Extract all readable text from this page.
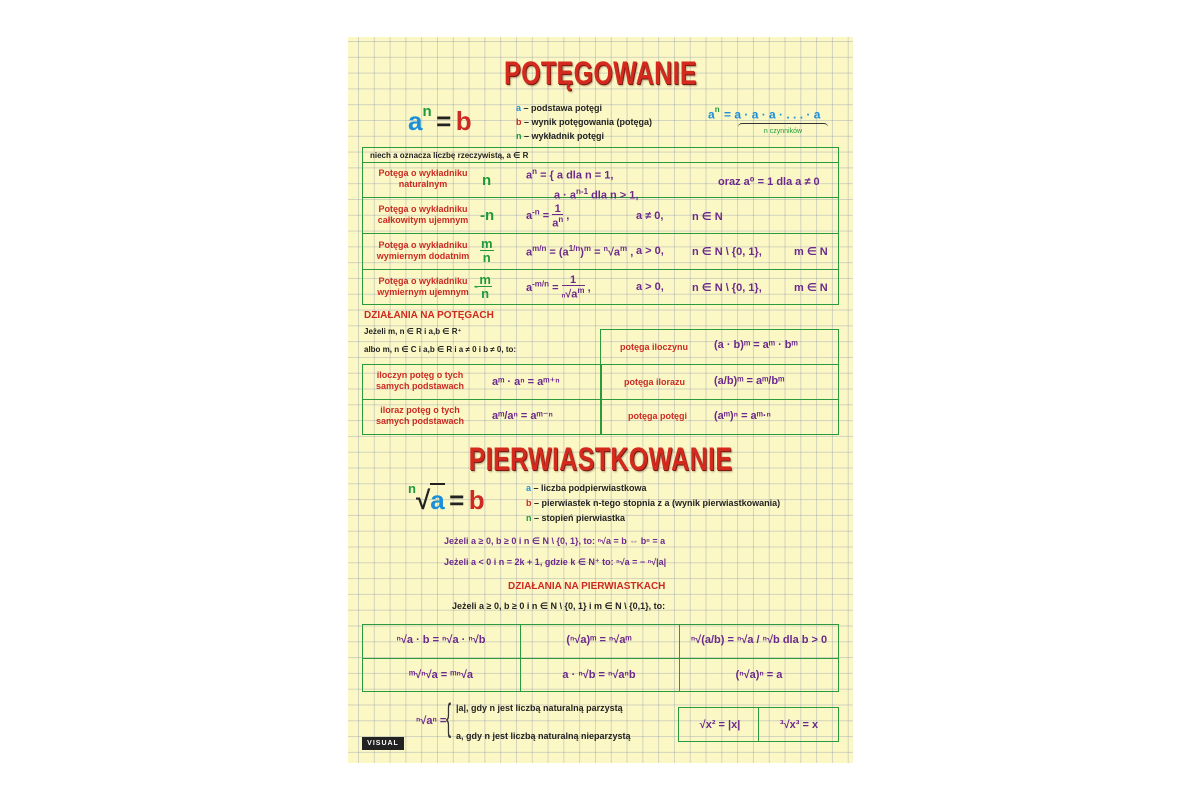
POTĘGOWANIE
an = b	a – podstawa potęgi
b – wynik potęgowania (potęga)
n – wykładnik potęgi
$a^n = a \cdot a \cdot a$ · . . . · a
n czynników
niech a oznacza liczbę rzeczywistą, a ∈ R
Potęga o wykładniku naturalnym	n	$a^n$ = { a dla n = 1,
$a \cdot a^{n-1}$ dla n > 1,
oraz a⁰ = 1 dla a ≠ 0
Potęga o wykładniku całkowitym ujemnym -n	$a^{-n} = \frac{1}{a^n}$ ,	a ≠ 0,	n ∈ N
Potęga o wykładniku wymiernym dodatnim $\frac{m}{n}$	$a^{m/n} = (a^{1/n})^m = ^n√a^m$ , a > 0,	n ∈ N \ {0, 1},	m ∈ N
Potęga o wykładniku wymiernym ujemnym - $\frac{m}{n}$	$a^{-m/n} = \frac{1}{n√a^m}$ ,	a > 0,	n ∈ N \ {0, 1},	m ∈ N
DZIAŁANIA NA POTĘGACH
Jeżeli m, n ∈ R i a,b ∈ R⁺
albo m, n ∈ C i a,b ∈ R i a ≠ 0 i b ≠ 0, to:
iloczyn potęg o tych samych podstawach	aᵐ · aⁿ = aᵐ⁺ⁿ
iloraz potęg o tych samych podstawach	aᵐ/aⁿ = aᵐ⁻ⁿ
potęga iloczynu (a · b)ᵐ = aᵐ · bᵐ
potęga ilorazu	(a/b)ᵐ = aᵐ/bᵐ
potęga potęgi (aᵐ)ⁿ = aᵐ·ⁿ
PIERWIASTKOWANIE
$^n$√a = b	a – liczba podpierwiastkowa
b – pierwiastek n-tego stopnia z a (wynik pierwiastkowania)
n – stopień pierwiastka
Jeżeli a ≥ 0, b ≥ 0 i n ∈ N \ {0, 1}, to: ⁿ√a = b ⇔ bⁿ = a
Jeżeli a < 0 i n = 2k + 1, gdzie k ∈ N⁺ to: ⁿ√a = − ⁿ√|a|
DZIAŁANIA NA PIERWIASTKACH
Jeżeli a ≥ 0, b ≥ 0 i n ∈ N \ {0, 1} i m ∈ N \ {0,1}, to:
ⁿ√a · b = ⁿ√a · ⁿ√b	(ⁿ√a)ᵐ = ⁿ√aᵐ	ⁿ√(a/b) = ⁿ√a / ⁿ√b dla b > 0
ᵐ√ⁿ√a = ᵐⁿ√a	a · ⁿ√b = ⁿ√aⁿb	(ⁿ√a)ⁿ = a
ⁿ√aⁿ = { |a|, gdy n jest liczbą naturalną parzystą
a, gdy n jest liczbą naturalną nieparzystą
√x² = |x|	³√x³ = x
VISUAL
